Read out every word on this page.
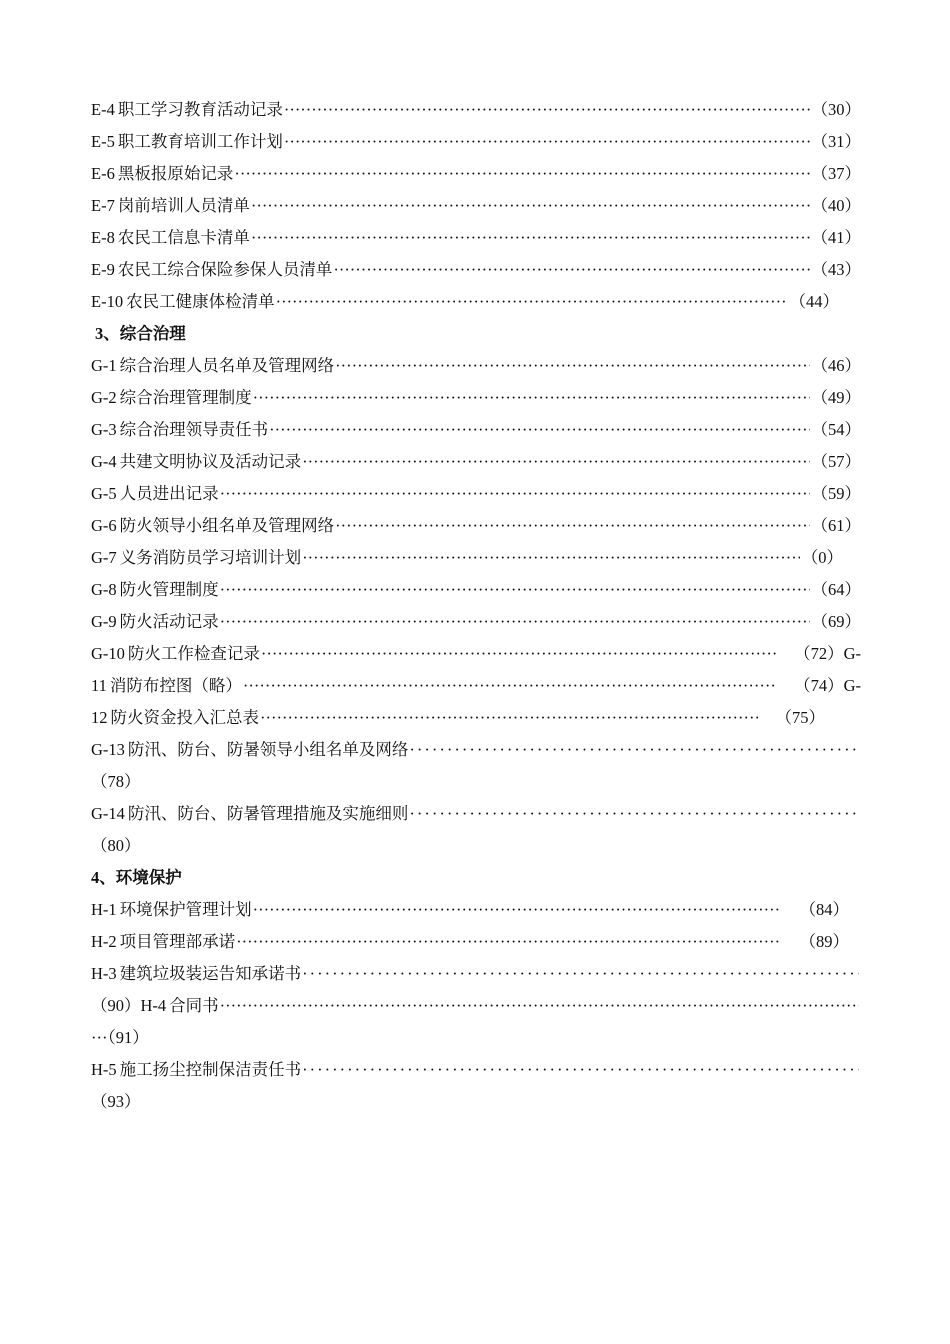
E-4 职工学习教育活动记录 ·····	（30）
E-5 职工教育培训工作计划 ·····	（31）
E-6 黑板报原始记录 ·····	（37）
E-7 岗前培训人员清单 ·····	（40）
E-8 农民工信息卡清单 ·····	（41）
E-9 农民工综合保险参保人员清单 ·····	（43）
E-10 农民工健康体检清单 ·····	（44）
3、综合治理
G-1 综合治理人员名单及管理网络 ·····	（46）
G-2 综合治理管理制度 ·····	（49）
G-3 综合治理领导责任书 ·····	（54）
G-4 共建文明协议及活动记录 ·····	（57）
G-5 人员进出记录 ·····	（59）
G-6 防火领导小组名单及管理网络 ·····	（61）
G-7 义务消防员学习培训计划 ·····	（0）
G-8 防火管理制度 ·····	（64）
G-9 防火活动记录 ·····	（69）
G-10 防火工作检查记录 ·····	（72）G-
11 消防布控图（略） ·····	（74）G-
12 防火资金投入汇总表 ·····	（75）
G-13 防汛、防台、防暑领导小组名单及网络
·····
（78）
G-14 防汛、防台、防暑管理措施及实施细则
·····
（80）
4、环境保护
H-1 环境保护管理计划 ·····	（84）
H-2 项目管理部承诺 ·····	（89）
H-3 建筑垃圾装运告知承诺书
·····
（90）H-4 合同书
·····
···（91）
H-5 施工扬尘控制保洁责任书
·····
（93）
